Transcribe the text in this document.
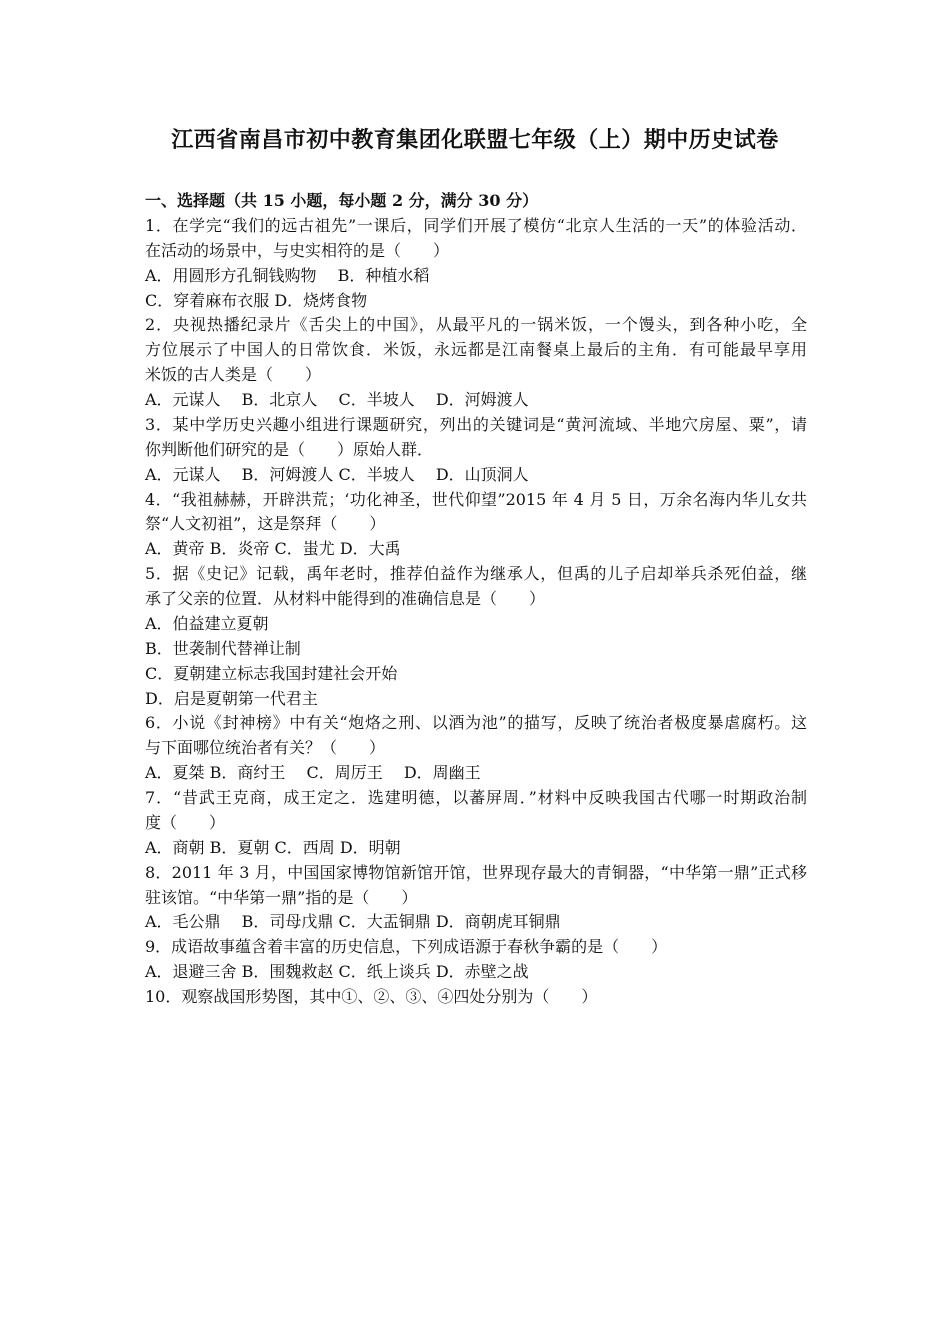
江西省南昌市初中教育集团化联盟七年级（上）期中历史试卷
一、选择题（共 15 小题，每小题 2 分，满分 30 分）
1．在学完“我们的远古祖先”一课后，同学们开展了模仿“北京人生活的一天”的体验活动．
在活动的场景中，与史实相符的是（　　）
A．用圆形方孔铜钱购物　 B．种植水稻
C．穿着麻布衣服 D．烧烤食物
2．央视热播纪录片《舌尖上的中国》，从最平凡的一锅米饭，一个馒头，到各种小吃，全
方位展示了中国人的日常饮食．米饭，永远都是江南餐桌上最后的主角．有可能最早享用
米饭的古人类是（　　）
A．元谋人　 B．北京人　 C．半坡人　 D．河姆渡人
3．某中学历史兴趣小组进行课题研究，列出的关键词是“黄河流域、半地穴房屋、粟”，请
你判断他们研究的是（　　）原始人群．
A．元谋人　 B．河姆渡人 C．半坡人　 D．山顶洞人
4．“我祖赫赫，开辟洪荒；‘功化神圣，世代仰望”2015 年 4 月 5 日，万余名海内华儿女共
祭“人文初祖”，这是祭拜（　　）
A．黄帝 B．炎帝 C．蚩尤 D．大禹
5．据《史记》记载，禹年老时，推荐伯益作为继承人，但禹的儿子启却举兵杀死伯益，继
承了父亲的位置．从材料中能得到的准确信息是（　　）
A．伯益建立夏朝
B．世袭制代替禅让制
C．夏朝建立标志我国封建社会开始
D．启是夏朝第一代君主
6．小说《封神榜》中有关“炮烙之刑、以酒为池”的描写，反映了统治者极度暴虐腐朽。这
与下面哪位统治者有关？（　　）
A．夏桀 B．商纣王　 C．周厉王　 D．周幽王
7．“昔武王克商，成王定之．选建明德，以蕃屏周．”材料中反映我国古代哪一时期政治制
度（　　）
A．商朝 B．夏朝 C．西周 D．明朝
8．2011 年 3 月，中国国家博物馆新馆开馆，世界现存最大的青铜器，“中华第一鼎”正式移
驻该馆。“中华第一鼎”指的是（　　）
A．毛公鼎　 B．司母戊鼎 C．大盂铜鼎 D．商朝虎耳铜鼎
9．成语故事蕴含着丰富的历史信息，下列成语源于春秋争霸的是（　　）
A．退避三舍 B．围魏救赵 C．纸上谈兵 D．赤壁之战
10．观察战国形势图，其中①、②、③、④四处分别为（　　）
